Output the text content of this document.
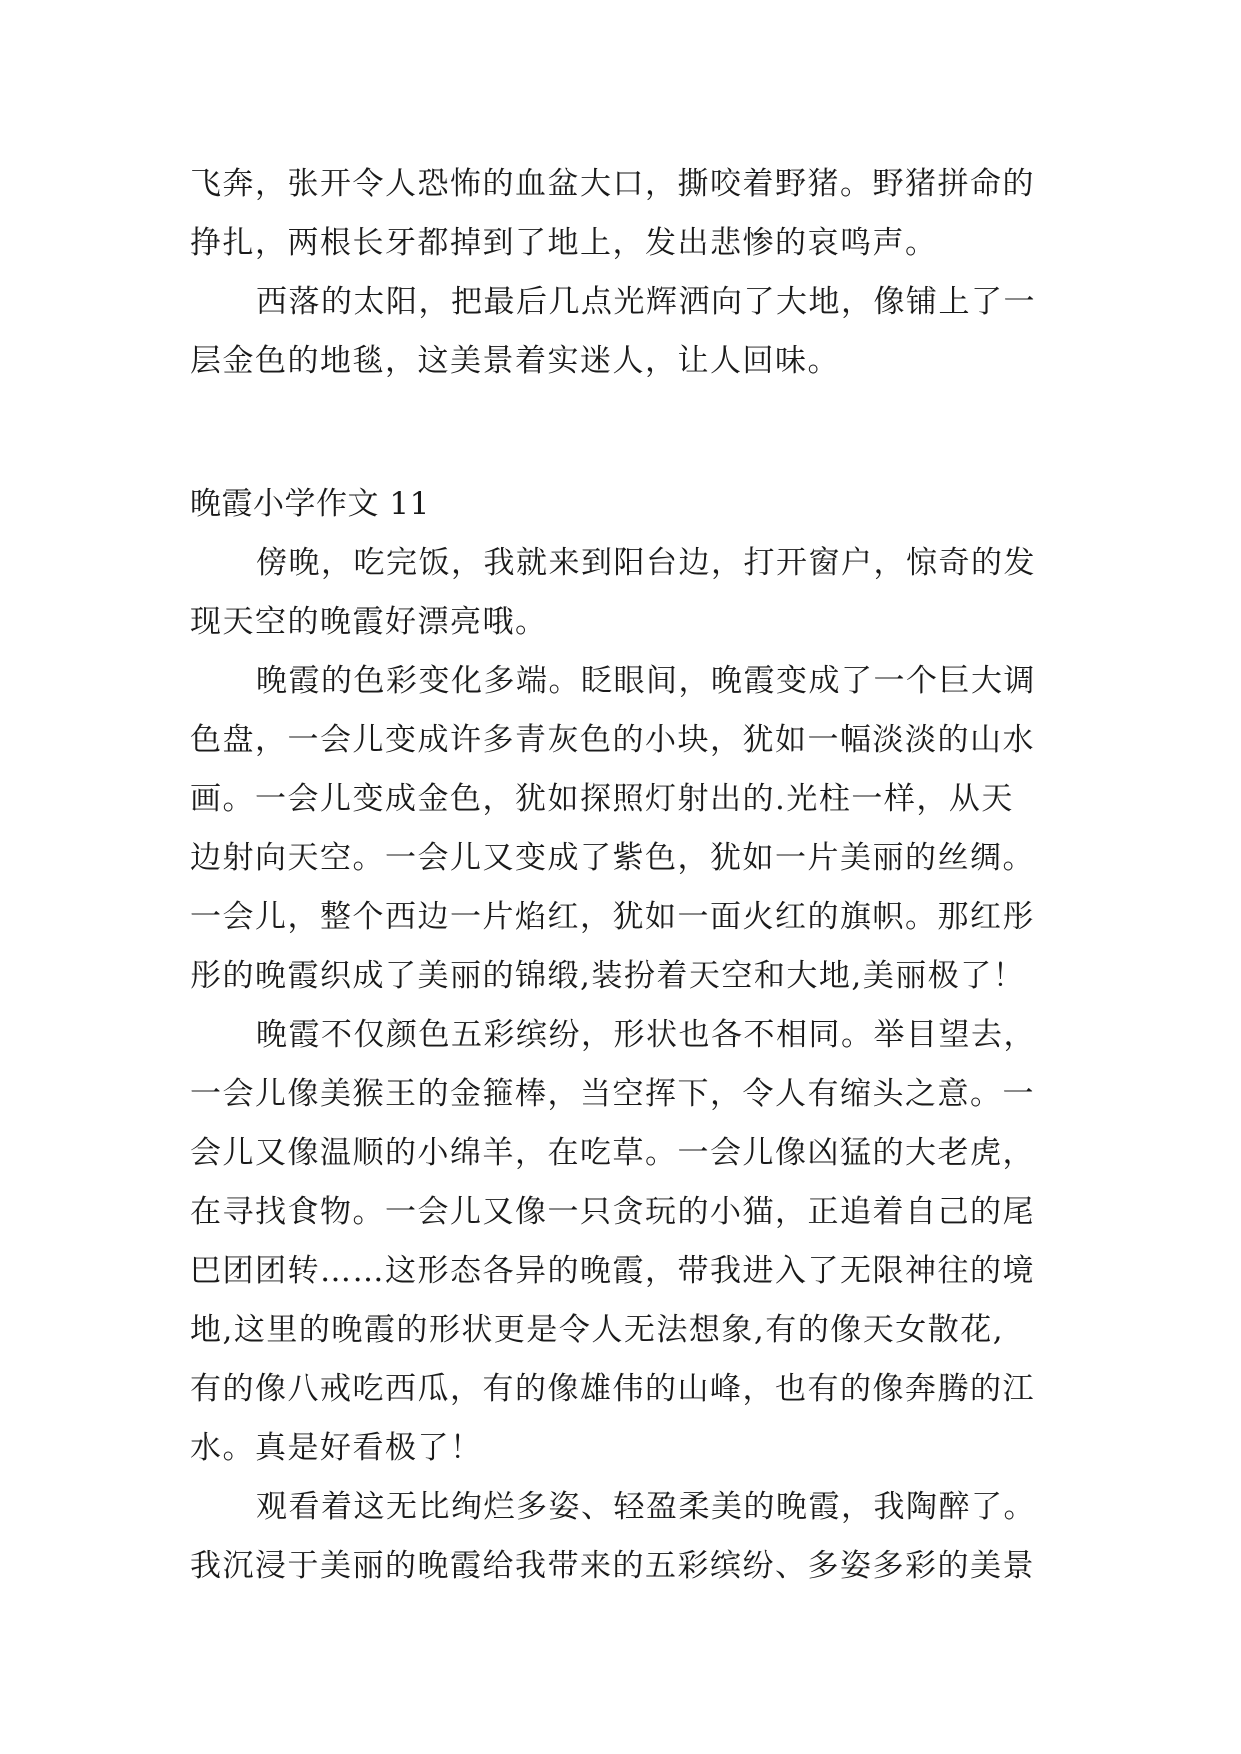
飞奔，张开令人恐怖的血盆大口，撕咬着野猪。野猪拼命的
挣扎，两根长牙都掉到了地上，发出悲惨的哀鸣声。
西落的太阳，把最后几点光辉洒向了大地，像铺上了一
层金色的地毯，这美景着实迷人，让人回味。
晚霞小学作文 11
傍晚，吃完饭，我就来到阳台边，打开窗户，惊奇的发
现天空的晚霞好漂亮哦。
晚霞的色彩变化多端。眨眼间，晚霞变成了一个巨大调
色盘，一会儿变成许多青灰色的小块，犹如一幅淡淡的山水
画。一会儿变成金色，犹如探照灯射出的.光柱一样，从天
边射向天空。一会儿又变成了紫色，犹如一片美丽的丝绸。
一会儿，整个西边一片焰红，犹如一面火红的旗帜。那红彤
彤的晚霞织成了美丽的锦缎,装扮着天空和大地,美丽极了！
晚霞不仅颜色五彩缤纷，形状也各不相同。举目望去，
一会儿像美猴王的金箍棒，当空挥下，令人有缩头之意。一
会儿又像温顺的小绵羊，在吃草。一会儿像凶猛的大老虎，
在寻找食物。一会儿又像一只贪玩的小猫，正追着自己的尾
巴团团转……这形态各异的晚霞，带我进入了无限神往的境
地,这里的晚霞的形状更是令人无法想象,有的像天女散花,
有的像八戒吃西瓜，有的像雄伟的山峰，也有的像奔腾的江
水。真是好看极了！
观看着这无比绚烂多姿、轻盈柔美的晚霞，我陶醉了。
我沉浸于美丽的晚霞给我带来的五彩缤纷、多姿多彩的美景
